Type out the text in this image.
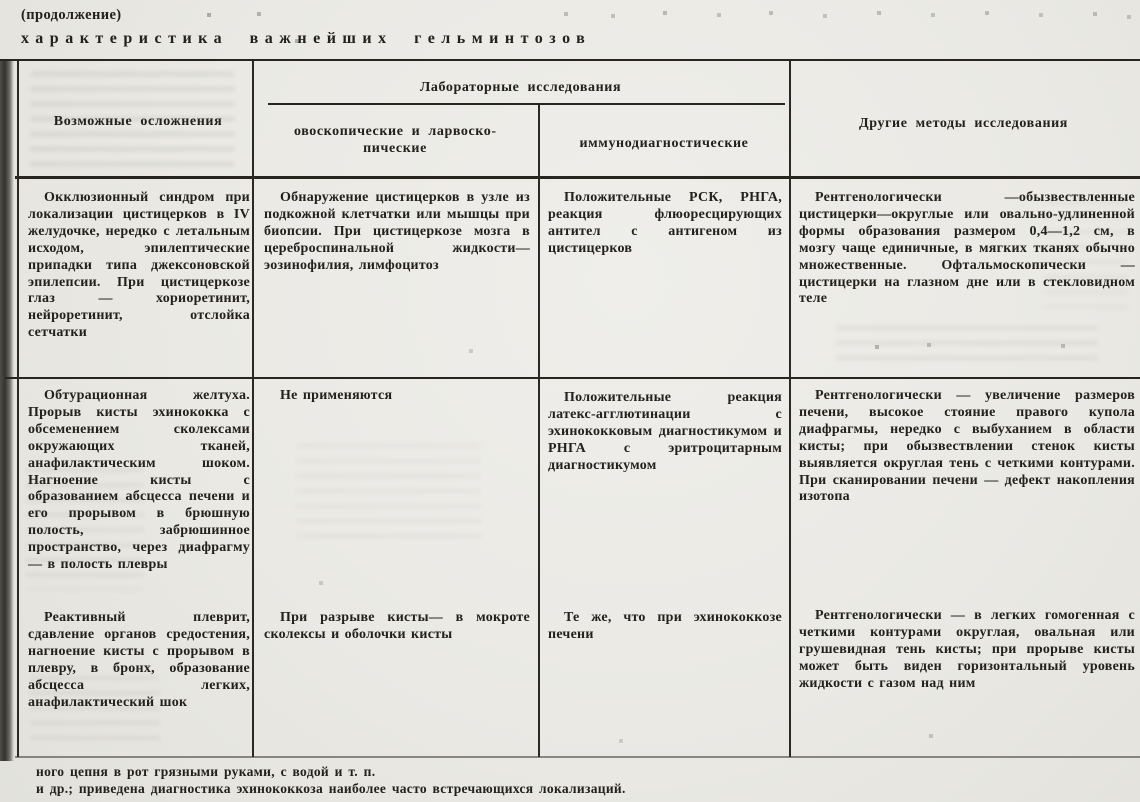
(продолжение)
характеристика важнейших гельминтозов
Возможные осложнения
Лабораторные исследования
овоскопические и ларвоскопические	иммунодиагностические
Другие методы исследования
Окклюзионный синдром при локализации цистицерков в IV желудочке, нередко с летальным исходом, эпилептические припадки типа джексоновской эпилепсии. При цистицеркозе глаз — хориоретинит, нейроретинит, отслойка сетчатки
Обнаружение цистицерков в узле из подкожной клетчатки или мышцы при биопсии. При цистицеркозе мозга в цереброспинальной жидкости—эозинофилия, лимфоцитоз
Положительные РСК, РНГА, реакция флюоресцирующих антител с антигеном из цистицерков
Рентгенологически —обызвествленные цистицерки—округлые или овально-удлиненной формы образования размером 0,4—1,2 см, в мозгу чаще единичные, в мягких тканях обычно множественные. Офтальмоскопически — цистицерки на глазном дне или в стекловидном теле
Обтурационная желтуха. Прорыв кисты эхинококка с обсеменением сколексами окружающих тканей, анафилактическим шоком. Нагноение кисты с образованием абсцесса печени и его прорывом в брюшную полость, забрюшинное пространство, через диафрагму — в полость плевры
Не применяются	Положительные реакция латекс-агглютинации с эхинококковым диагностикумом и РНГА с эритроцитарным диагностикумом
Рентгенологически — увеличение размеров печени, высокое стояние правого купола диафрагмы, нередко с выбуханием в области кисты; при обызвествлении стенок кисты выявляется округлая тень с четкими контурами. При сканировании печени — дефект накопления изотопа
Реактивный плеврит, сдавление органов средостения, нагноение кисты с прорывом в плевру, в бронх, образование абсцесса легких, анафилактический шок
При разрыве кисты— в мокроте сколексы и оболочки кисты
Те же, что при эхинококкозе печени
Рентгенологически — в легких гомогенная с четкими контурами округлая, овальная или грушевидная тень кисты; при прорыве кисты может быть виден горизонтальный уровень жидкости с газом над ним
ного цепня в рот грязными руками, с водой и т. п.
и др.; приведена диагностика эхинококкоза наиболее часто встречающихся локализаций.
